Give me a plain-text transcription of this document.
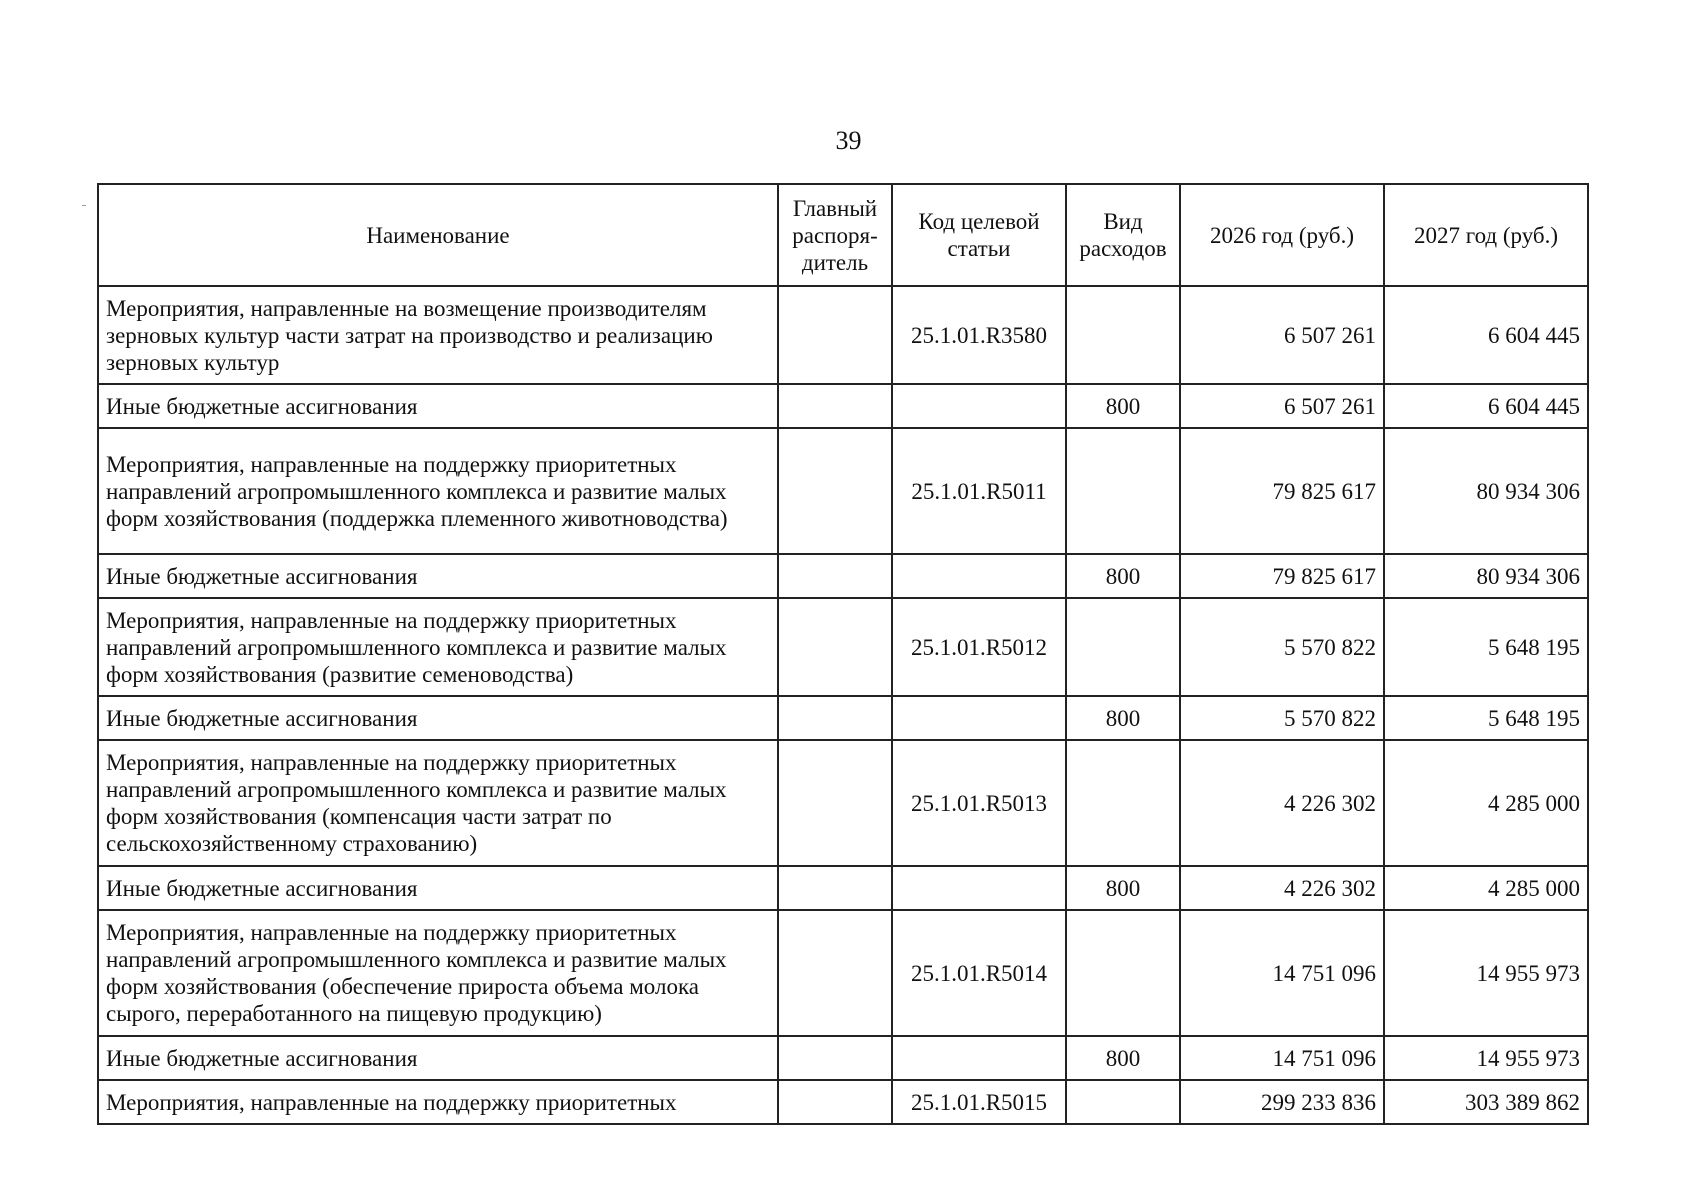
39
Наименование	Главный распоря-дитель	Код целевой статьи	Вид расходов	2026 год (руб.)	2027 год (руб.)
Мероприятия, направленные на возмещение производителям зерновых культур части затрат на производство и реализацию зерновых культур		25.1.01.R3580		6 507 261	6 604 445
Иные бюджетные ассигнования			800	6 507 261	6 604 445
Мероприятия, направленные на поддержку приоритетных направлений агропромышленного комплекса и развитие малых форм хозяйствования (поддержка племенного животноводства)		25.1.01.R5011		79 825 617	80 934 306
Иные бюджетные ассигнования			800	79 825 617	80 934 306
Мероприятия, направленные на поддержку приоритетных направлений агропромышленного комплекса и развитие малых форм хозяйствования (развитие семеноводства)		25.1.01.R5012		5 570 822	5 648 195
Иные бюджетные ассигнования			800	5 570 822	5 648 195
Мероприятия, направленные на поддержку приоритетных направлений агропромышленного комплекса и развитие малых форм хозяйствования (компенсация части затрат по сельскохозяйственному страхованию)		25.1.01.R5013		4 226 302	4 285 000
Иные бюджетные ассигнования			800	4 226 302	4 285 000
Мероприятия, направленные на поддержку приоритетных направлений агропромышленного комплекса и развитие малых форм хозяйствования (обеспечение прироста объема молока сырого, переработанного на пищевую продукцию)		25.1.01.R5014		14 751 096	14 955 973
Иные бюджетные ассигнования			800	14 751 096	14 955 973
Мероприятия, направленные на поддержку приоритетных		25.1.01.R5015		299 233 836	303 389 862
